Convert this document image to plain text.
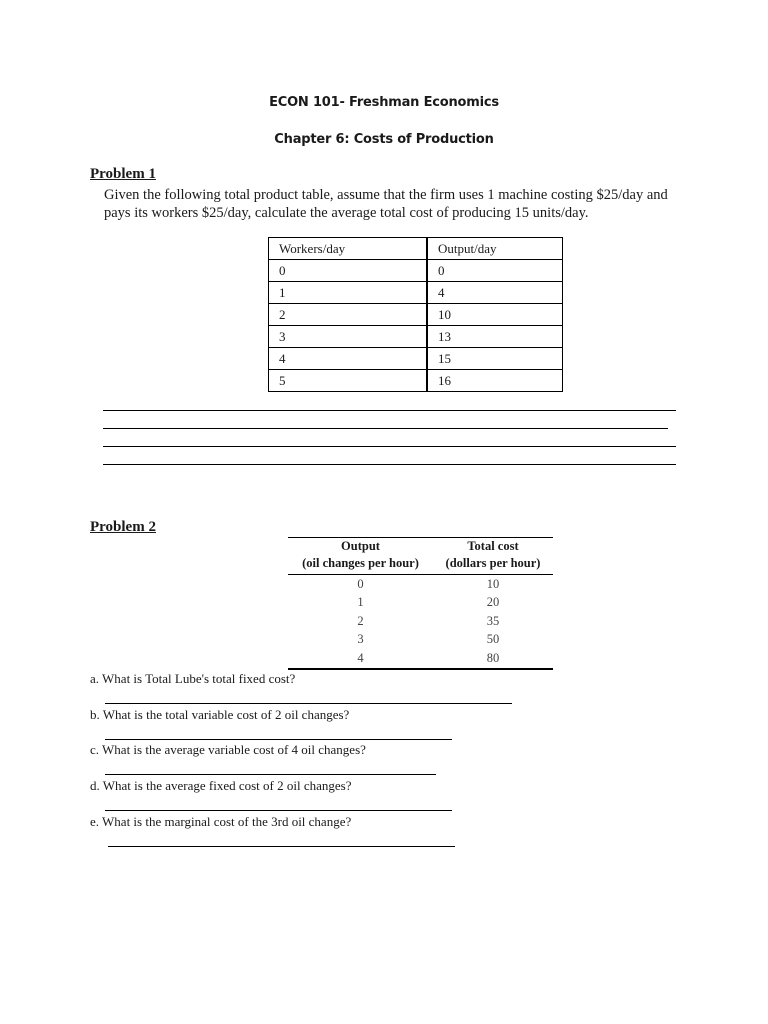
ECON 101- Freshman Economics
Chapter 6: Costs of Production
Problem 1
Given the following total product table, assume that the firm uses 1 machine costing $25/day and pays its workers $25/day, calculate the average total cost of producing 15 units/day.
Workers/day	Output/day
0	0
1	4
2	10
3	13
4	15
5	16
Problem 2
Output	Total cost
(oil changes per hour)	(dollars per hour)
0	10
1	20
2	35
3	50
4	80
a. What is Total Lube's total fixed cost?
b. What is the total variable cost of 2 oil changes?
c. What is the average variable cost of 4 oil changes?
d. What is the average fixed cost of 2 oil changes?
e. What is the marginal cost of the 3rd oil change?
